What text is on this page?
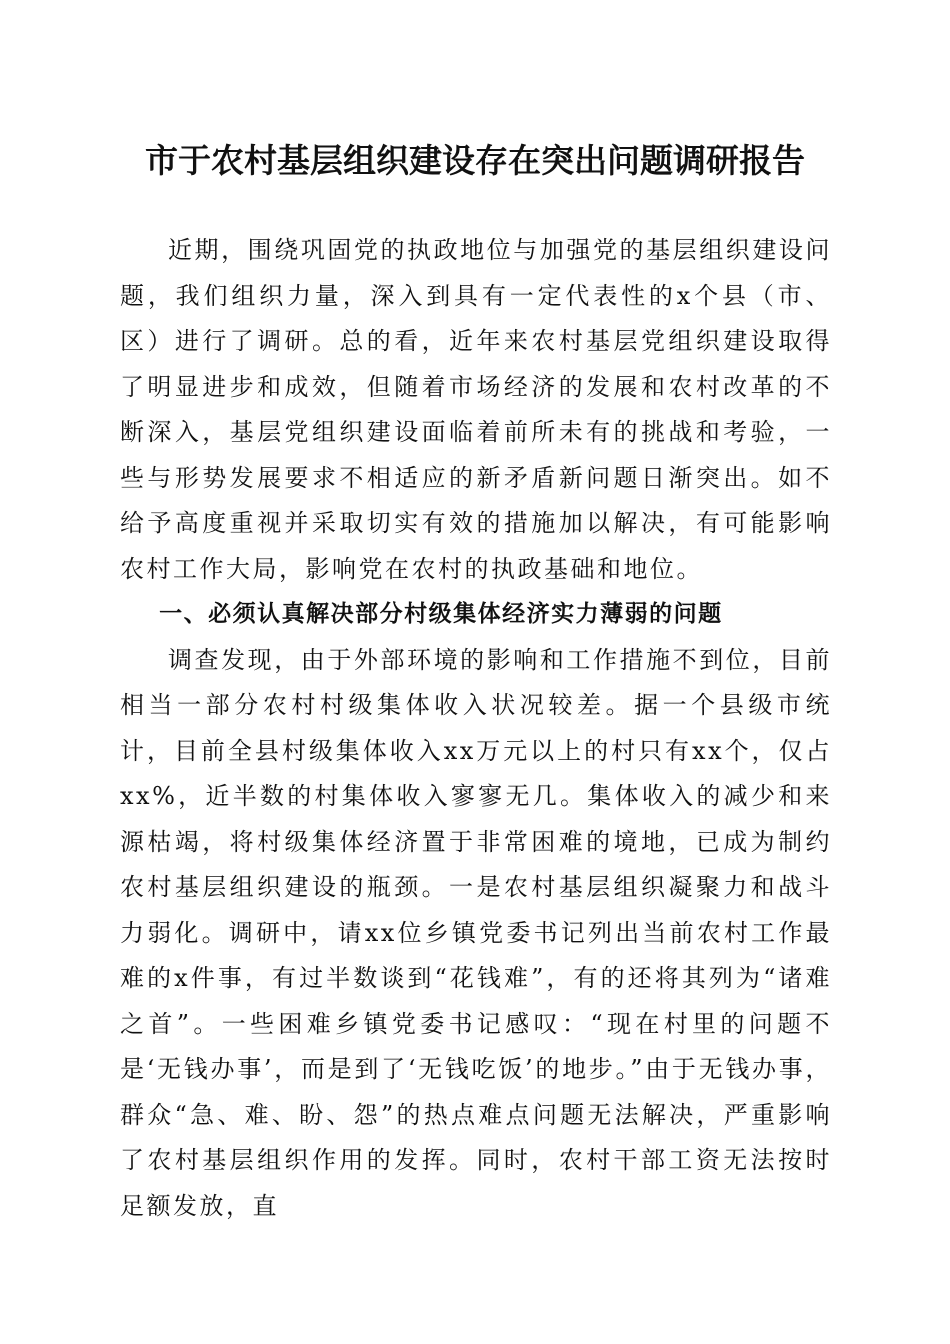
市于农村基层组织建设存在突出问题调研报告

近期，围绕巩固党的执政地位与加强党的基层组织建设问题，我们组织力量，深入到具有一定代表性的x个县（市、区）进行了调研。总的看，近年来农村基层党组织建设取得了明显进步和成效，但随着市场经济的发展和农村改革的不断深入，基层党组织建设面临着前所未有的挑战和考验，一些与形势发展要求不相适应的新矛盾新问题日渐突出。如不给予高度重视并采取切实有效的措施加以解决，有可能影响农村工作大局，影响党在农村的执政基础和地位。

一、必须认真解决部分村级集体经济实力薄弱的问题

调查发现，由于外部环境的影响和工作措施不到位，目前相当一部分农村村级集体收入状况较差。据一个县级市统计，目前全县村级集体收入xx万元以上的村只有xx个，仅占xx%，近半数的村集体收入寥寥无几。集体收入的减少和来源枯竭，将村级集体经济置于非常困难的境地，已成为制约农村基层组织建设的瓶颈。一是农村基层组织凝聚力和战斗力弱化。调研中，请xx位乡镇党委书记列出当前农村工作最难的x件事，有过半数谈到“花钱难”，有的还将其列为“诸难之首”。一些困难乡镇党委书记感叹：“现在村里的问题不是‘无钱办事’，而是到了‘无钱吃饭’的地步。”由于无钱办事，群众“急、难、盼、怨”的热点难点问题无法解决，严重影响了农村基层组织作用的发挥。同时，农村干部工资无法按时足额发放，直
